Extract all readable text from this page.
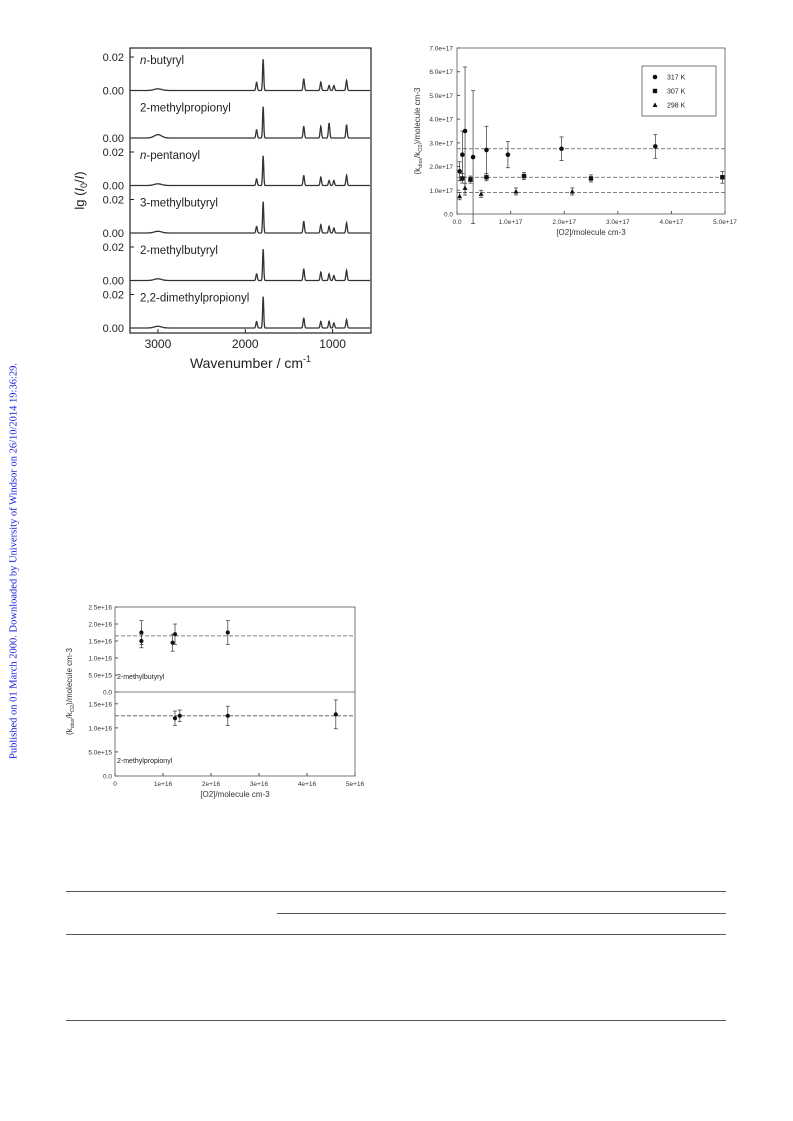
Published on 01 March 2000. Downloaded by University of Windsor on 26/10/2014 19:36:29.
$\lg (I_0/I)$
0.02
0.00
n-butyryl
0.00
2-methylpropionyl
0.02
0.00
n-pentanoyl
0.02
0.00
3-methylbutyryl
0.02
0.00
2-methylbutyryl
0.02
0.00
2,2-dimethylpropionyl
3000	2000	1000
Wavenumber / $cm^{-1}$
7.0e+17
6.0e+17
5.0e+17
4.0e+17
3.0e+17
2.0e+17
1.0e+17
0.0
0.0	1.0e+17	2.0e+17	3.0e+17	4.0e+17	5.0e+17
$(k_{diss}/k_{O2})$/molecule cm-3
[O2]/molecule cm-3
317 K
307 K
298 K
2.5e+16
2.0e+16
1.5e+16
1.0e+16
5.0e+15
0.0
1.5e+16
1.0e+16
5.0e+15
0.0
0	1e+16	2e+16	3e+16	4e+16	5e+16
$(k_{diss}/k_{O2})$/molecule cm-3
[O2]/molecule cm-3
2-methylbutyryl
2-methylpropionyl
